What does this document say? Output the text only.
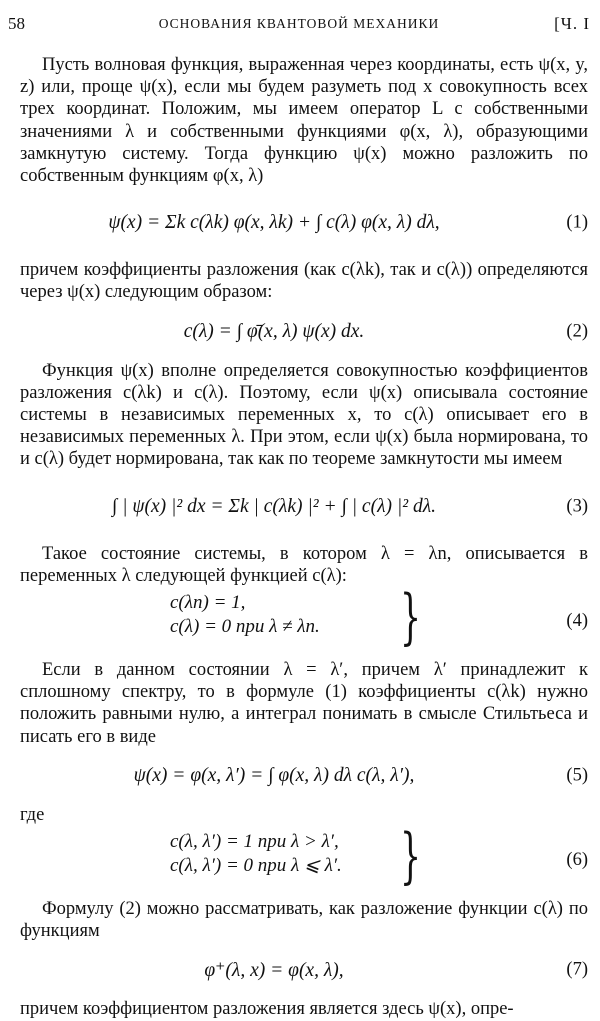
58	ОСНОВАНИЯ КВАНТОВОЙ МЕХАНИКИ	[Ч. I

Пусть волновая функция, выраженная через координаты, есть ψ(x, y, z) или, проще ψ(x), если мы будем разуметь под x совокупность всех трех координат. Положим, мы имеем оператор L с собственными значениями λ и собственными функциями φ(x, λ), образующими замкнутую систему. Тогда функцию ψ(x) можно разложить по собственным функциям φ(x, λ)

ψ(x) = Σk c(λk) φ(x, λk) + ∫ c(λ) φ(x, λ) dλ,	(1)

причем коэффициенты разложения (как c(λk), так и c(λ)) определяются через ψ(x) следующим образом:

c(λ) = ∫ φ̄(x, λ) ψ(x) dx.	(2)

Функция ψ(x) вполне определяется совокупностью коэффициентов разложения c(λk) и c(λ). Поэтому, если ψ(x) описывала состояние системы в независимых переменных x, то c(λ) описывает его в независимых переменных λ. При этом, если ψ(x) была нормирована, то и c(λ) будет нормирована, так как по теореме замкнутости мы имеем

∫ | ψ(x) |² dx = Σk | c(λk) |² + ∫ | c(λ) |² dλ.	(3)

Такое состояние системы, в котором λ = λn, описывается в переменных λ следующей функцией c(λ):

c(λn) = 1,
c(λ) = 0 при λ ≠ λn. }	(4)

Если в данном состоянии λ = λ′, причем λ′ принадлежит к сплошному спектру, то в формуле (1) коэффициенты c(λk) нужно положить равными нулю, а интеграл понимать в смысле Стильтьеса и писать его в виде

ψ(x) = φ(x, λ′) = ∫ φ(x, λ) dλ c(λ, λ′),	(5)

где

c(λ, λ′) = 1 при λ > λ′,
c(λ, λ′) = 0 при λ ⩽ λ′. }	(6)

Формулу (2) можно рассматривать, как разложение функции c(λ) по функциям

φ⁺(λ, x) = φ(x, λ),	(7)

причем коэффициентом разложения является здесь ψ(x), опре-
